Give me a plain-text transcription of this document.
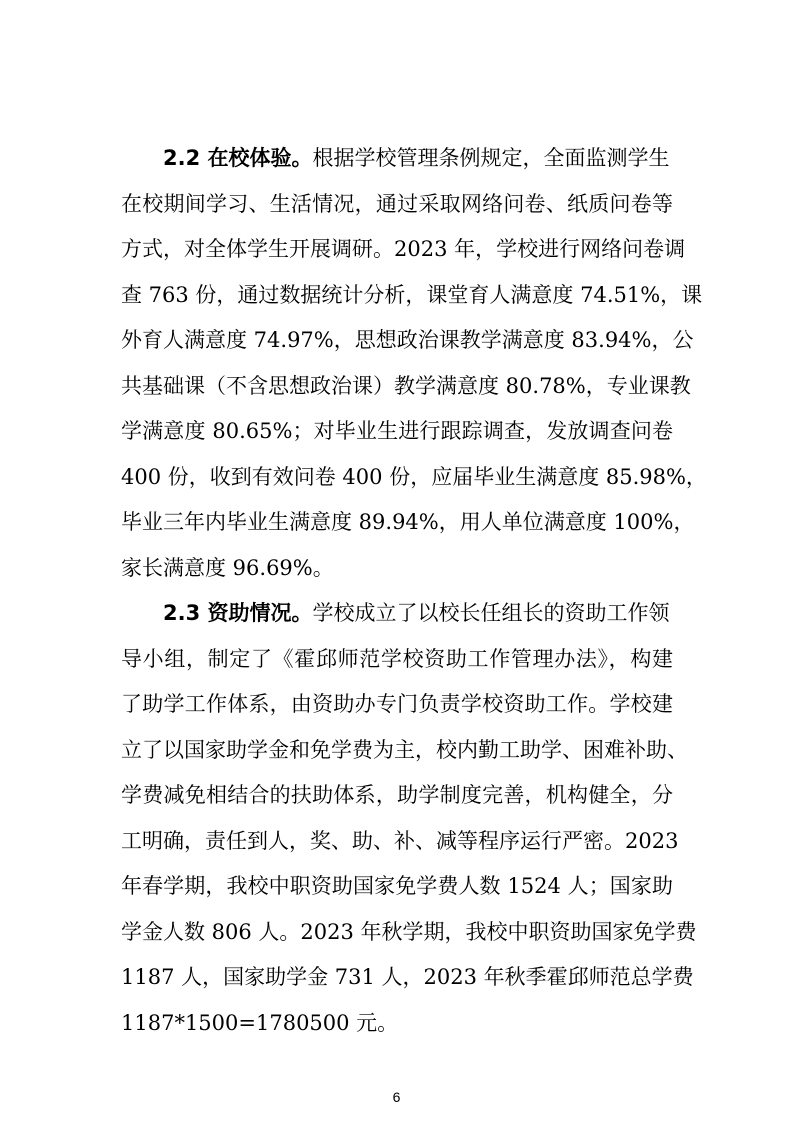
2.2 在校体验。根据学校管理条例规定，全面监测学生
在校期间学习、生活情况，通过采取网络问卷、纸质问卷等
方式，对全体学生开展调研。2023 年，学校进行网络问卷调
查 763 份，通过数据统计分析，课堂育人满意度 74.51%，课
外育人满意度 74.97%，思想政治课教学满意度 83.94%，公
共基础课（不含思想政治课）教学满意度 80.78%，专业课教
学满意度 80.65%；对毕业生进行跟踪调查，发放调查问卷
400 份，收到有效问卷 400 份，应届毕业生满意度 85.98%，
毕业三年内毕业生满意度 89.94%，用人单位满意度 100%，
家长满意度 96.69%。
2.3 资助情况。学校成立了以校长任组长的资助工作领
导小组，制定了《霍邱师范学校资助工作管理办法》，构建
了助学工作体系，由资助办专门负责学校资助工作。学校建
立了以国家助学金和免学费为主，校内勤工助学、困难补助、
学费减免相结合的扶助体系，助学制度完善，机构健全，分
工明确，责任到人，奖、助、补、减等程序运行严密。2023
年春学期，我校中职资助国家免学费人数 1524 人；国家助
学金人数 806 人。2023 年秋学期，我校中职资助国家免学费
1187 人，国家助学金 731 人，2023 年秋季霍邱师范总学费
1187*1500=1780500 元。
6
